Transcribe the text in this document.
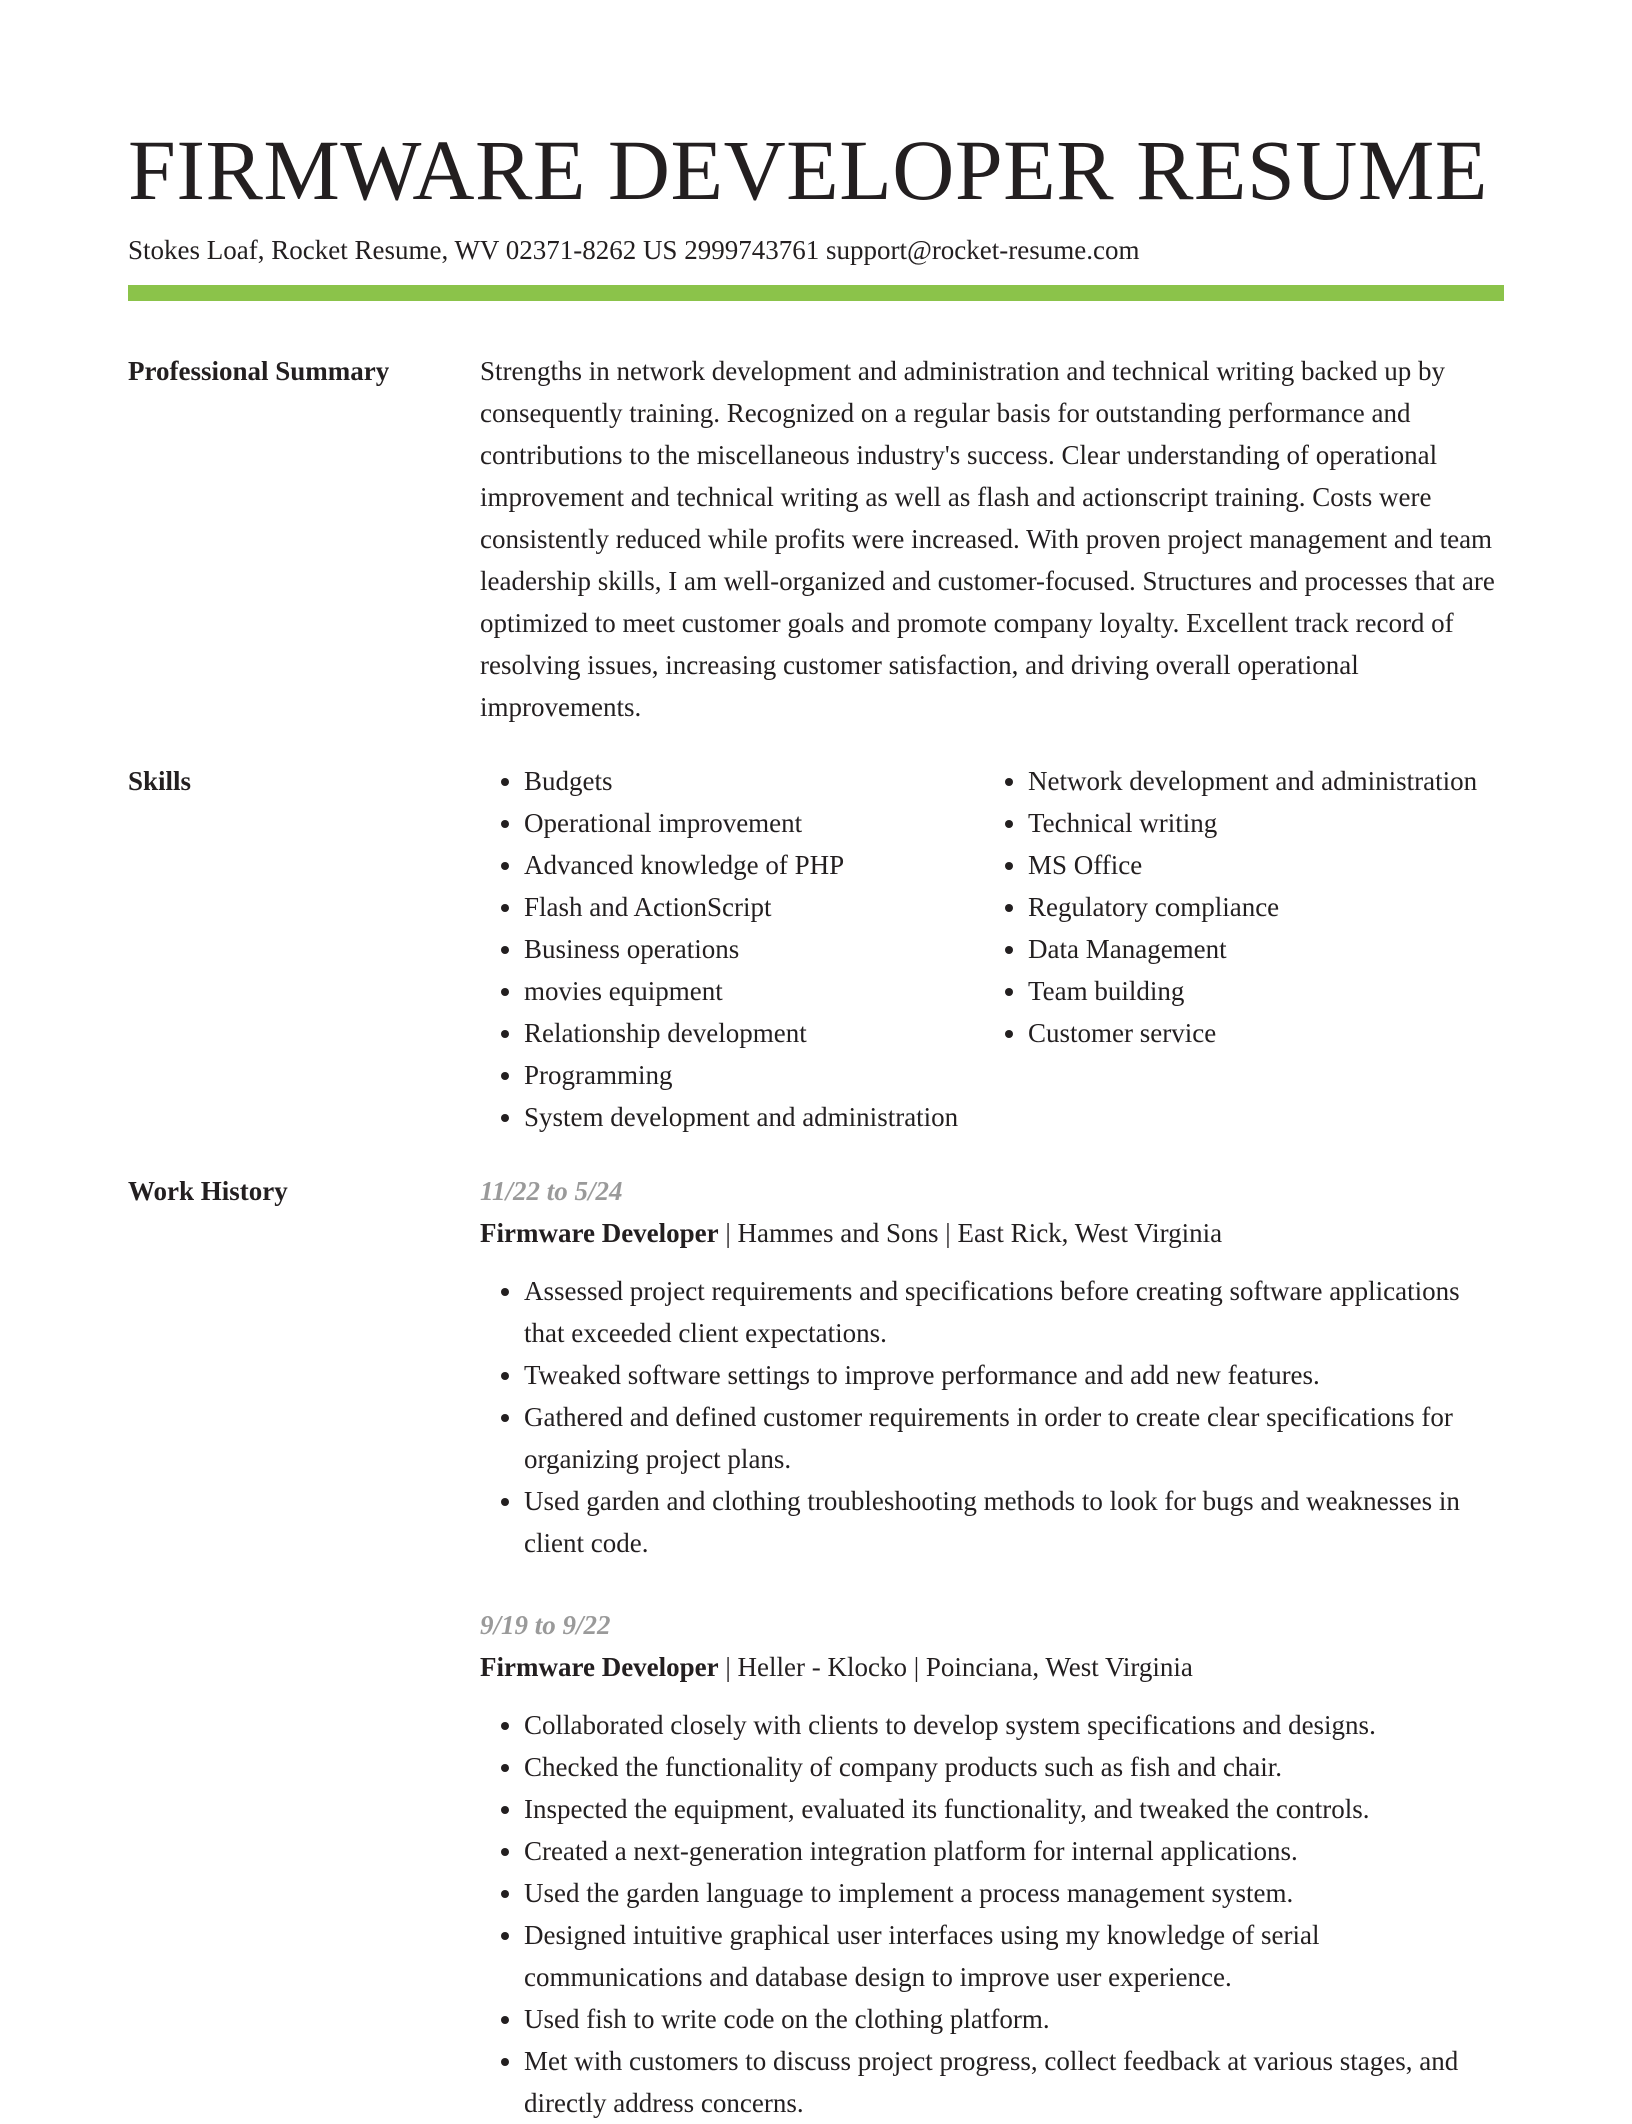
FIRMWARE DEVELOPER RESUME
Stokes Loaf, Rocket Resume, WV 02371-8262 US 2999743761 support@rocket-resume.com
Professional Summary	Strengths in network development and administration and technical writing backed up by consequently training. Recognized on a regular basis for outstanding performance and contributions to the miscellaneous industry's success. Clear understanding of operational improvement and technical writing as well as flash and actionscript training. Costs were consistently reduced while profits were increased. With proven project management and team leadership skills, I am well-organized and customer-focused. Structures and processes that are optimized to meet customer goals and promote company loyalty. Excellent track record of resolving issues, increasing customer satisfaction, and driving overall operational improvements.

Skills
•	Budgets
• Operational improvement
• Advanced knowledge of PHP
• Flash and ActionScript
• Business operations
• movies equipment
• Relationship development
• Programming
• System development and administration
• Network development and administration
• Technical writing
• MS Office
• Regulatory compliance
• Data Management
• Team building
• Customer service
Work History	11/22 to 5/24
Firmware Developer | Hammes and Sons | East Rick, West Virginia
• Assessed project requirements and specifications before creating software applications that exceeded client expectations.
• Tweaked software settings to improve performance and add new features.
• Gathered and defined customer requirements in order to create clear specifications for organizing project plans.
• Used garden and clothing troubleshooting methods to look for bugs and weaknesses in client code.
9/19 to 9/22
Firmware Developer | Heller - Klocko | Poinciana, West Virginia
• Collaborated closely with clients to develop system specifications and designs.
• Checked the functionality of company products such as fish and chair.
• Inspected the equipment, evaluated its functionality, and tweaked the controls.
• Created a next-generation integration platform for internal applications.
• Used the garden language to implement a process management system.
• Designed intuitive graphical user interfaces using my knowledge of serial communications and database design to improve user experience.
• Used fish to write code on the clothing platform.
• Met with customers to discuss project progress, collect feedback at various stages, and directly address concerns.
